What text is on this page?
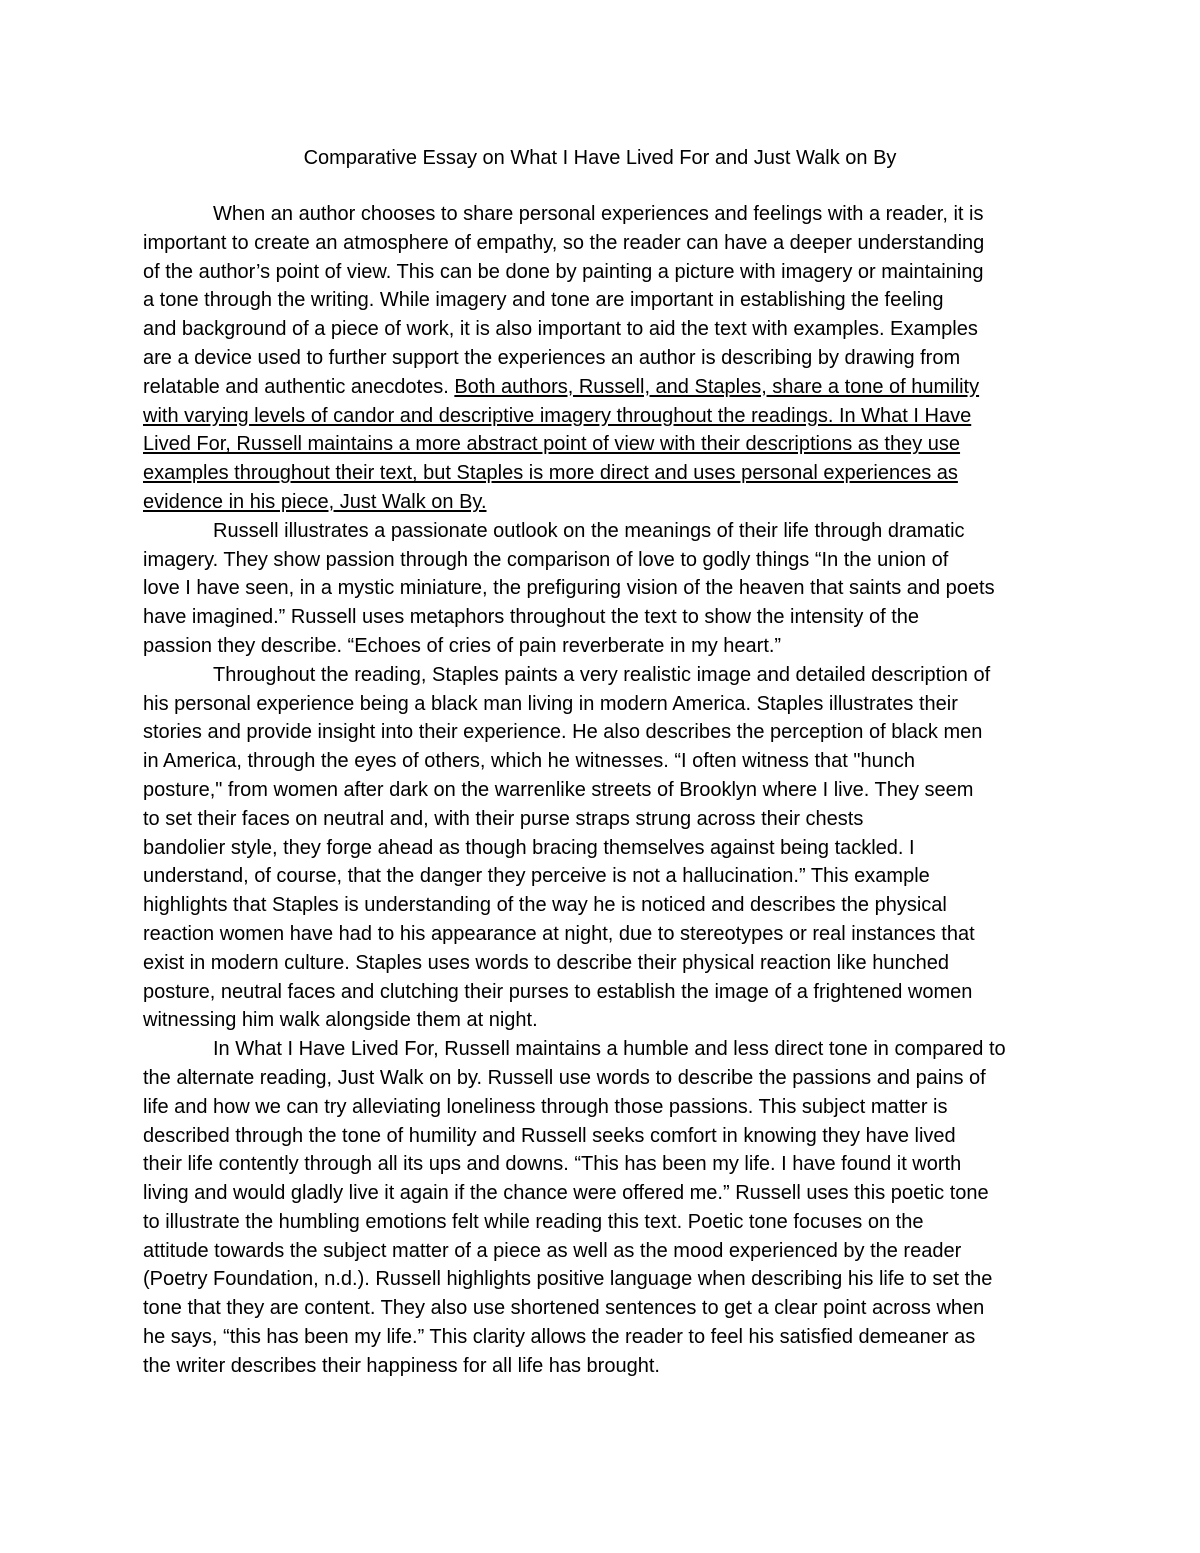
Comparative Essay on What I Have Lived For and Just Walk on By
When an author chooses to share personal experiences and feelings with a reader, it is
important to create an atmosphere of empathy, so the reader can have a deeper understanding
of the author’s point of view. This can be done by painting a picture with imagery or maintaining
a tone through the writing. While imagery and tone are important in establishing the feeling
and background of a piece of work, it is also important to aid the text with examples. Examples
are a device used to further support the experiences an author is describing by drawing from
relatable and authentic anecdotes. Both authors, Russell, and Staples, share a tone of humility
with varying levels of candor and descriptive imagery throughout the readings. In What I Have
Lived For, Russell maintains a more abstract point of view with their descriptions as they use
examples throughout their text, but Staples is more direct and uses personal experiences as
evidence in his piece, Just Walk on By.
Russell illustrates a passionate outlook on the meanings of their life through dramatic
imagery. They show passion through the comparison of love to godly things “In the union of
love I have seen, in a mystic miniature, the prefiguring vision of the heaven that saints and poets
have imagined.” Russell uses metaphors throughout the text to show the intensity of the
passion they describe. “Echoes of cries of pain reverberate in my heart.”
Throughout the reading, Staples paints a very realistic image and detailed description of
his personal experience being a black man living in modern America. Staples illustrates their
stories and provide insight into their experience. He also describes the perception of black men
in America, through the eyes of others, which he witnesses. “I often witness that "hunch
posture," from women after dark on the warrenlike streets of Brooklyn where I live. They seem
to set their faces on neutral and, with their purse straps strung across their chests
bandolier style, they forge ahead as though bracing themselves against being tackled. I
understand, of course, that the danger they perceive is not a hallucination.” This example
highlights that Staples is understanding of the way he is noticed and describes the physical
reaction women have had to his appearance at night, due to stereotypes or real instances that
exist in modern culture. Staples uses words to describe their physical reaction like hunched
posture, neutral faces and clutching their purses to establish the image of a frightened women
witnessing him walk alongside them at night.
In What I Have Lived For, Russell maintains a humble and less direct tone in compared to
the alternate reading, Just Walk on by. Russell use words to describe the passions and pains of
life and how we can try alleviating loneliness through those passions. This subject matter is
described through the tone of humility and Russell seeks comfort in knowing they have lived
their life contently through all its ups and downs. “This has been my life. I have found it worth
living and would gladly live it again if the chance were offered me.” Russell uses this poetic tone
to illustrate the humbling emotions felt while reading this text. Poetic tone focuses on the
attitude towards the subject matter of a piece as well as the mood experienced by the reader
(Poetry Foundation, n.d.). Russell highlights positive language when describing his life to set the
tone that they are content. They also use shortened sentences to get a clear point across when
he says, “this has been my life.” This clarity allows the reader to feel his satisfied demeaner as
the writer describes their happiness for all life has brought.
